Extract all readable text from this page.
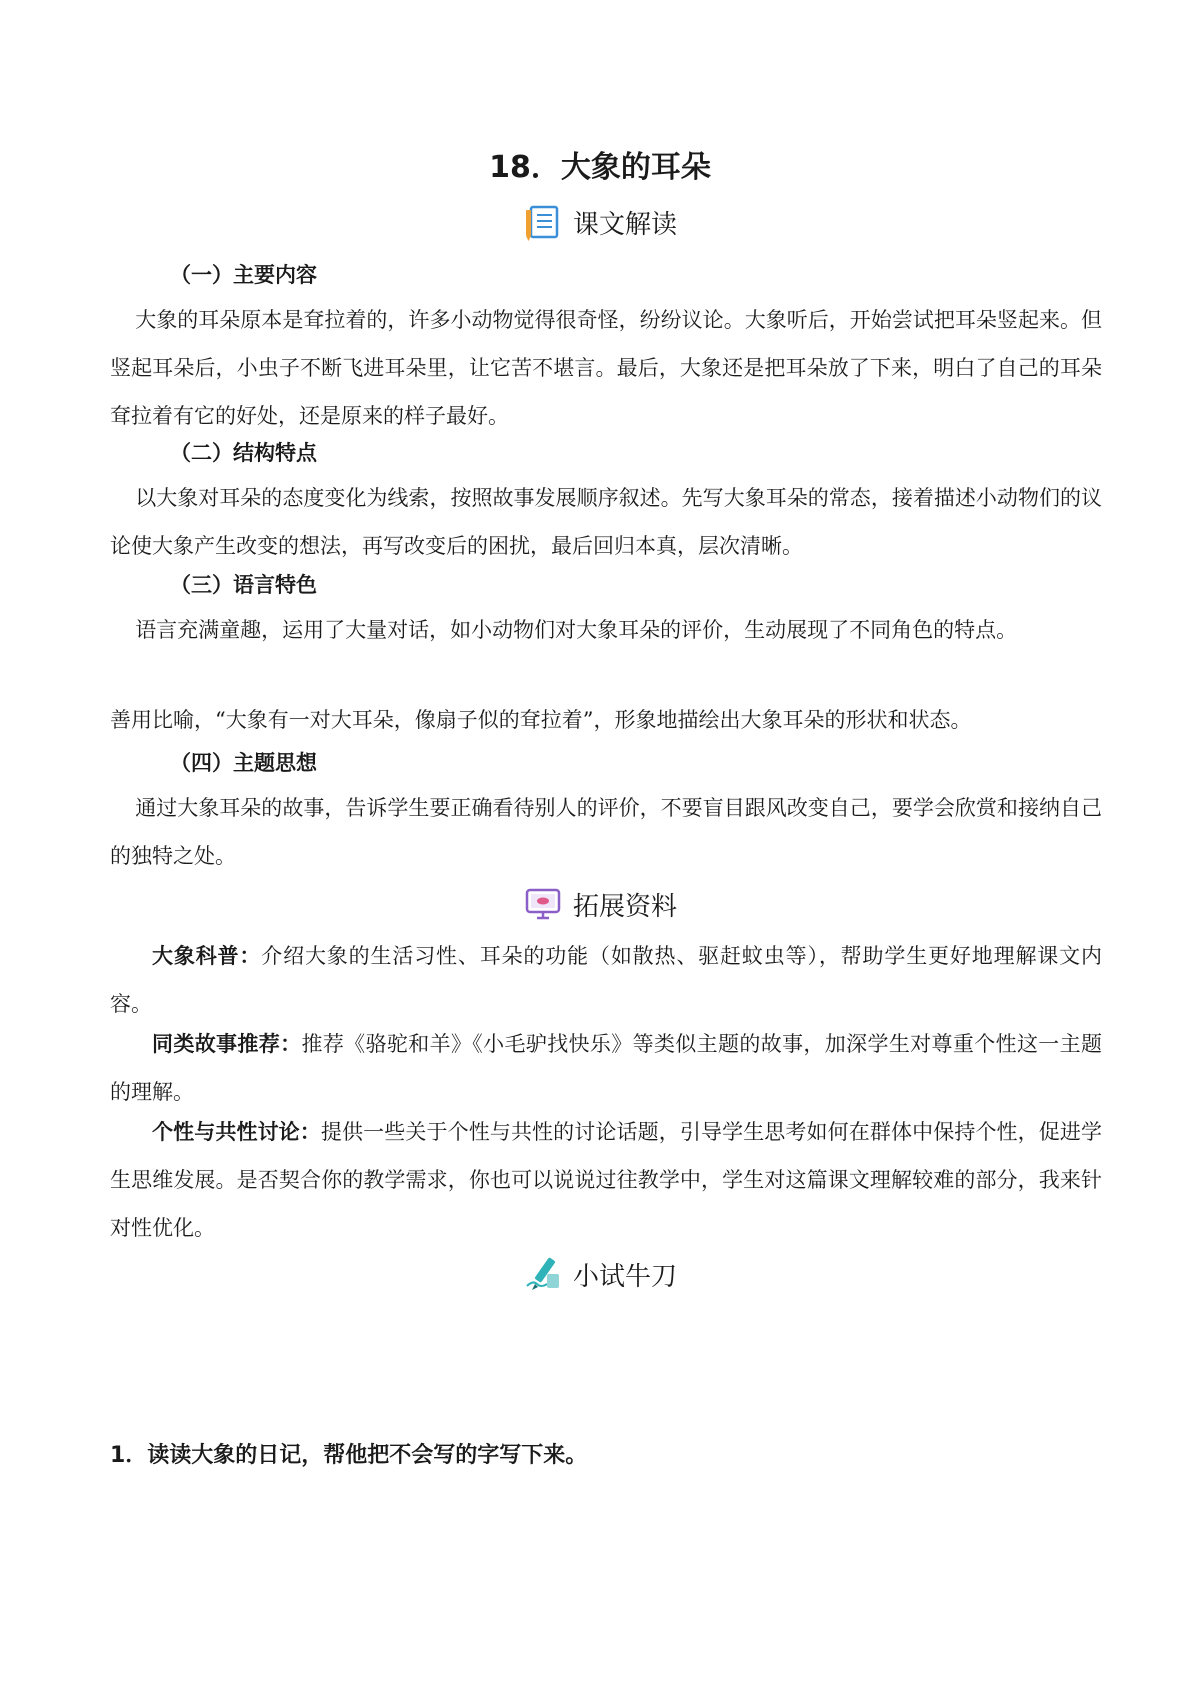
18．大象的耳朵
课文解读
（一）主要内容

大象的耳朵原本是耷拉着的，许多小动物觉得很奇怪，纷纷议论。大象听后，开始尝试把耳朵竖起来。但竖起耳朵后，小虫子不断飞进耳朵里，让它苦不堪言。最后，大象还是把耳朵放了下来，明白了自己的耳朵耷拉着有它的好处，还是原来的样子最好。

（二）结构特点

以大象对耳朵的态度变化为线索，按照故事发展顺序叙述。先写大象耳朵的常态，接着描述小动物们的议论使大象产生改变的想法，再写改变后的困扰，最后回归本真，层次清晰。

（三）语言特色

语言充满童趣，运用了大量对话，如小动物们对大象耳朵的评价，生动展现了不同角色的特点。

善用比喻，“大象有一对大耳朵，像扇子似的耷拉着”，形象地描绘出大象耳朵的形状和状态。

（四）主题思想

通过大象耳朵的故事，告诉学生要正确看待别人的评价，不要盲目跟风改变自己，要学会欣赏和接纳自己的独特之处。

拓展资料

大象科普：介绍大象的生活习性、耳朵的功能（如散热、驱赶蚊虫等），帮助学生更好地理解课文内容。

同类故事推荐：推荐《骆驼和羊》《小毛驴找快乐》等类似主题的故事，加深学生对尊重个性这一主题的理解。

个性与共性讨论：提供一些关于个性与共性的讨论话题，引导学生思考如何在群体中保持个性，促进学生思维发展。是否契合你的教学需求，你也可以说说过往教学中，学生对这篇课文理解较难的部分，我来针对性优化。

小试牛刀
1．读读大象的日记，帮他把不会写的字写下来。
